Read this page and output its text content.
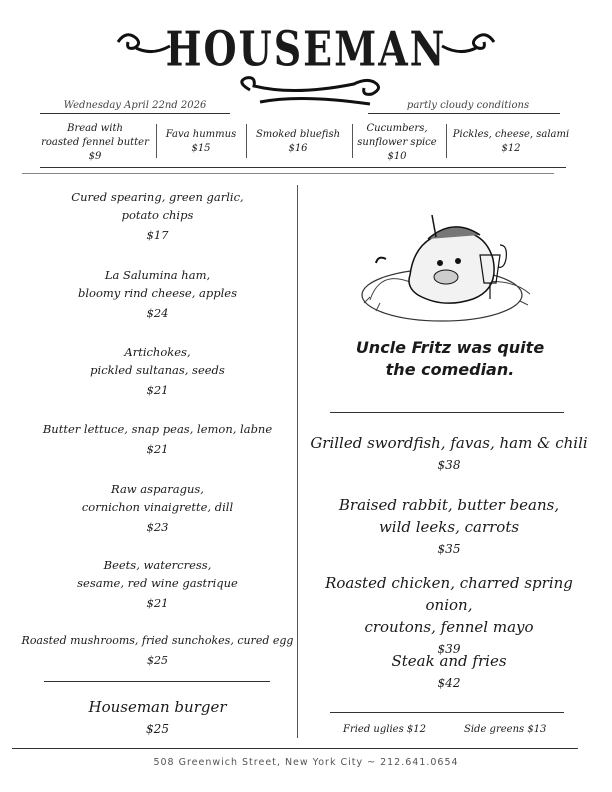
HOUSEMAN
Wednesday April 22nd 2026	partly cloudy conditions
Bread with
roasted fennel butter
$9
Fava hummus
$15
Smoked bluefish
$16
Cucumbers,
sunflower spice
$10
Pickles, cheese, salami
$12
Cured spearing, green garlic,
potato chips
$17
La Salumina ham,
bloomy rind cheese, apples
$24
Artichokes,
pickled sultanas, seeds
$21
Butter lettuce, snap peas, lemon, labne
$21
Raw asparagus,
cornichon vinaigrette, dill
$23
Beets, watercress,
sesame, red wine gastrique
$21
Roasted mushrooms, fried sunchokes, cured egg
$25
Houseman burger
$25
Uncle Fritz was quite
the comedian.
Grilled swordfish, favas, ham & chili
$38
Braised rabbit, butter beans,
wild leeks, carrots
$35
Roasted chicken, charred spring onion,
croutons, fennel mayo
$39
Steak and fries
$42
Fried uglies $12	Side greens $13
508 Greenwich Street, New York City ~ 212.641.0654
